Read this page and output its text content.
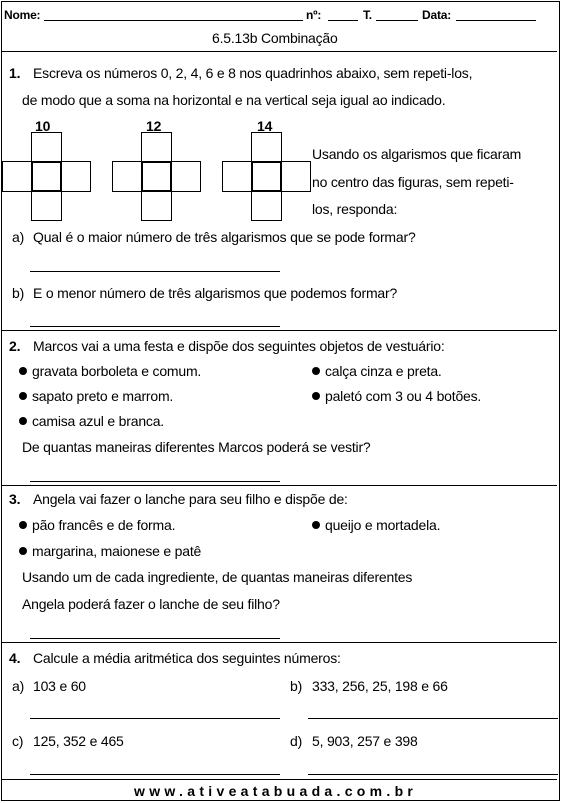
Nome:	nº:	T.	Data:
6.5.13b Combinação
1. Escreva os números 0, 2, 4, 6 e 8 nos quadrinhos abaixo, sem repeti-los,
de modo que a soma na horizontal e na vertical seja igual ao indicado.
10	12	14
Usando os algarismos que ficaram
no centro das figuras, sem repeti-
los, responda:
a) Qual é o maior número de três algarismos que se pode formar?
b) E o menor número de três algarismos que podemos formar?
2. Marcos vai a uma festa e dispõe dos seguintes objetos de vestuário:
gravata borboleta e comum.	calça cinza e preta.
sapato preto e marrom.	paletó com 3 ou 4 botões.
camisa azul e branca.
De quantas maneiras diferentes Marcos poderá se vestir?
3. Angela vai fazer o lanche para seu filho e dispõe de:
pão francês e de forma.	queijo e mortadela.
margarina, maionese e patê
Usando um de cada ingrediente, de quantas maneiras diferentes
Angela poderá fazer o lanche de seu filho?
4. Calcule a média aritmética dos seguintes números:
a) 103 e 60	b) 333, 256, 25, 198 e 66
c) 125, 352 e 465	d) 5, 903, 257 e 398
www.ativeatabuada.com.br
